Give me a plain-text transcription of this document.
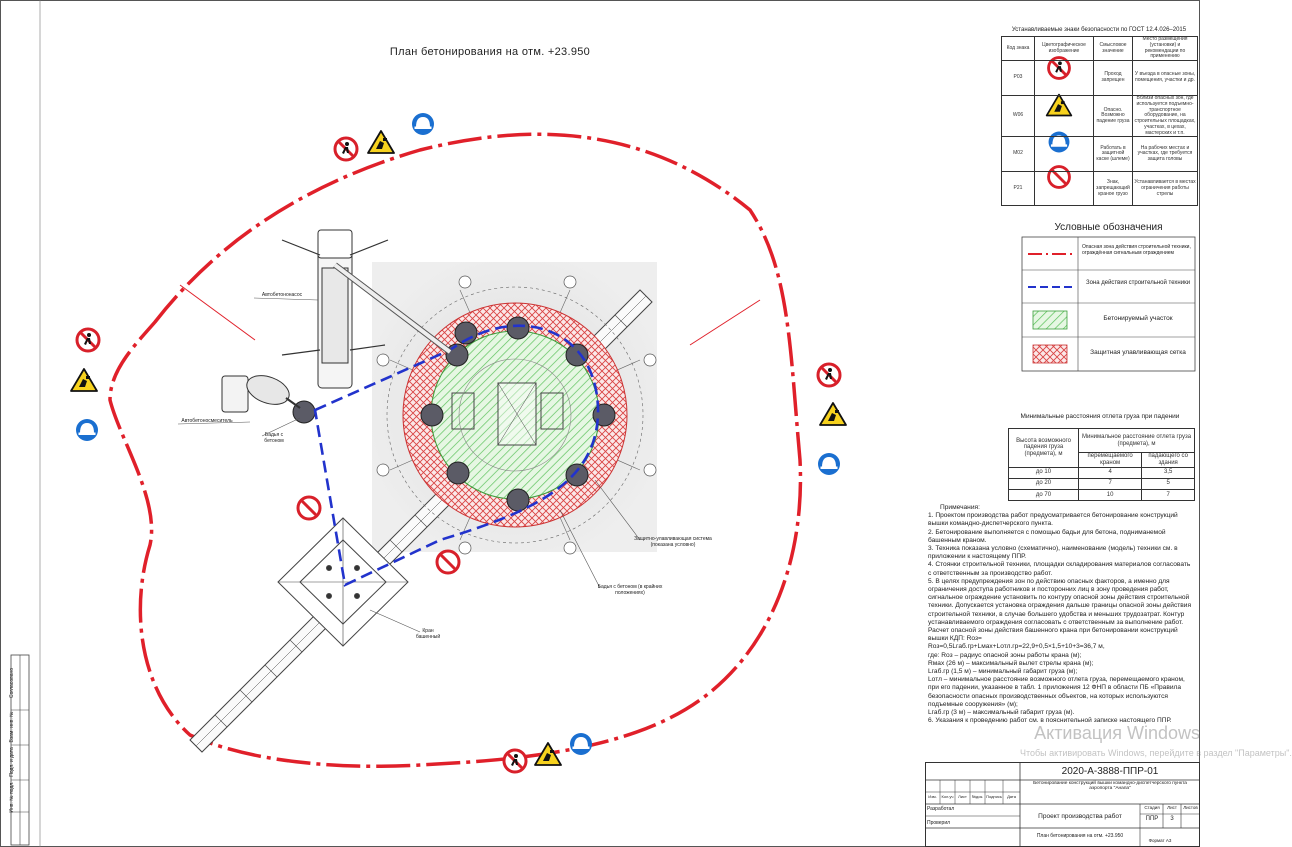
План бетонирования на отм. +23.950
Устанавливаемые знаки безопасности по ГОСТ 12.4.026–2015
Код знака	Цветографическое изображение	Смысловое значение	Место размещения (установки) и рекомендации по применению
P03		Проход запрещен	У въезда в опасные зоны, помещения, участки и др.
W06		Опасно. Возможно падение груза	Вблизи опасных зон, где используется подъемно-транспортное оборудование, на строительных площадках, участках, в цехах, мастерских и т.п.
M02		Работать в защитной каске (шлеме)	На рабочих местах и участках, где требуется защита головы
P21		Знак, запрещающий краное грузо	Устанавливается в местах ограничения работы стрелы
Условные обозначения
Опасная зона действия строительной техники, ограждённая сигнальным ограждением
Зона действия строительной техники
Бетонируемый участок
Защитная улавливающая сетка
Минимальные расстояния отлета груза при падении
Высота возможного падения груза (предмета), м	Минимальное расстояние отлета груза (предмета), м	
	перемещаемого краном	падающего со здания
до 10	4	3,5
до 20	7	5
до 70	10	7
Автобетононасос
Автобетоносмеситель
Бадья с бетоном
Защитно-улавливающая система (показана условно)
Бадья с бетоном (в крайних положениях)
Кран башенный
Примечания:
1. Проектом производства работ предусматривается бетонирование конструкций вышки командно-диспетчерского пункта.
2. Бетонирование выполняется с помощью бадьи для бетона, подниманемой башенным краном.
3. Техника показана условно (схематично), наименование (модель) техники см. в приложении к настоящему ППР.
4. Стоянки строительной техники, площадки складирования материалов согласовать с ответственным за производство работ.
5. В целях предупреждения зон по действию опасных факторов, а именно для ограничения доступа работников и посторонних лиц в зону проведения работ, сигнальное ограждение установить по контуру опасной зоны действия строительной техники. Допускается установка ограждения дальше границы опасной зоны действия строительной техники, в случае большего удобства и меньших трудозатрат. Контур устанавливаемого ограждения согласовать с ответственным за выполнение работ.
Расчет опасной зоны действия башенного крана при бетонировании конструкций вышки КДП: Rоз=
Rоз=0,5Lгаб.гр+Lмах+Lотл.гр=22,9+0,5×1,5+10+3=36,7 м,
где: Rоз – радиус опасной зоны работы крана (м);
Rмах (26 м) – максимальный вылет стрелы крана (м);
Lгаб.гр (1,5 м) – минимальный габарит груза (м);
Lотл – минимальное расстояние возможного отлета груза, перемещаемого краном, при его падении, указанное в табл. 1 приложения 12 ФНП в области ПБ «Правила безопасности опасных производственных объектов, на которых используются подъемные сооружения» (м);
Lгаб.гр (3 м) – максимальный габарит груза (м).
6. Указания к проведению работ см. в пояснительной записке настоящего ППР.
2020-А-3888-ППР-01
Бетонирование конструкций вышки командно-диспетчерского пункта аэропорта "Анапа"
Проект производства работ
Стадия	Лист	Листов
ППР	3
План бетонирования на отм. +23.950
Изм.	Кол.уч	Лист	№док. Подпись	Дата
Разработал
Проверил
Формат А3
Согласовано
Взам. инв. №
Подп. и дата
Инв. № подл.
Активация Windows
Чтобы активировать Windows, перейдите в раздел "Параметры".
